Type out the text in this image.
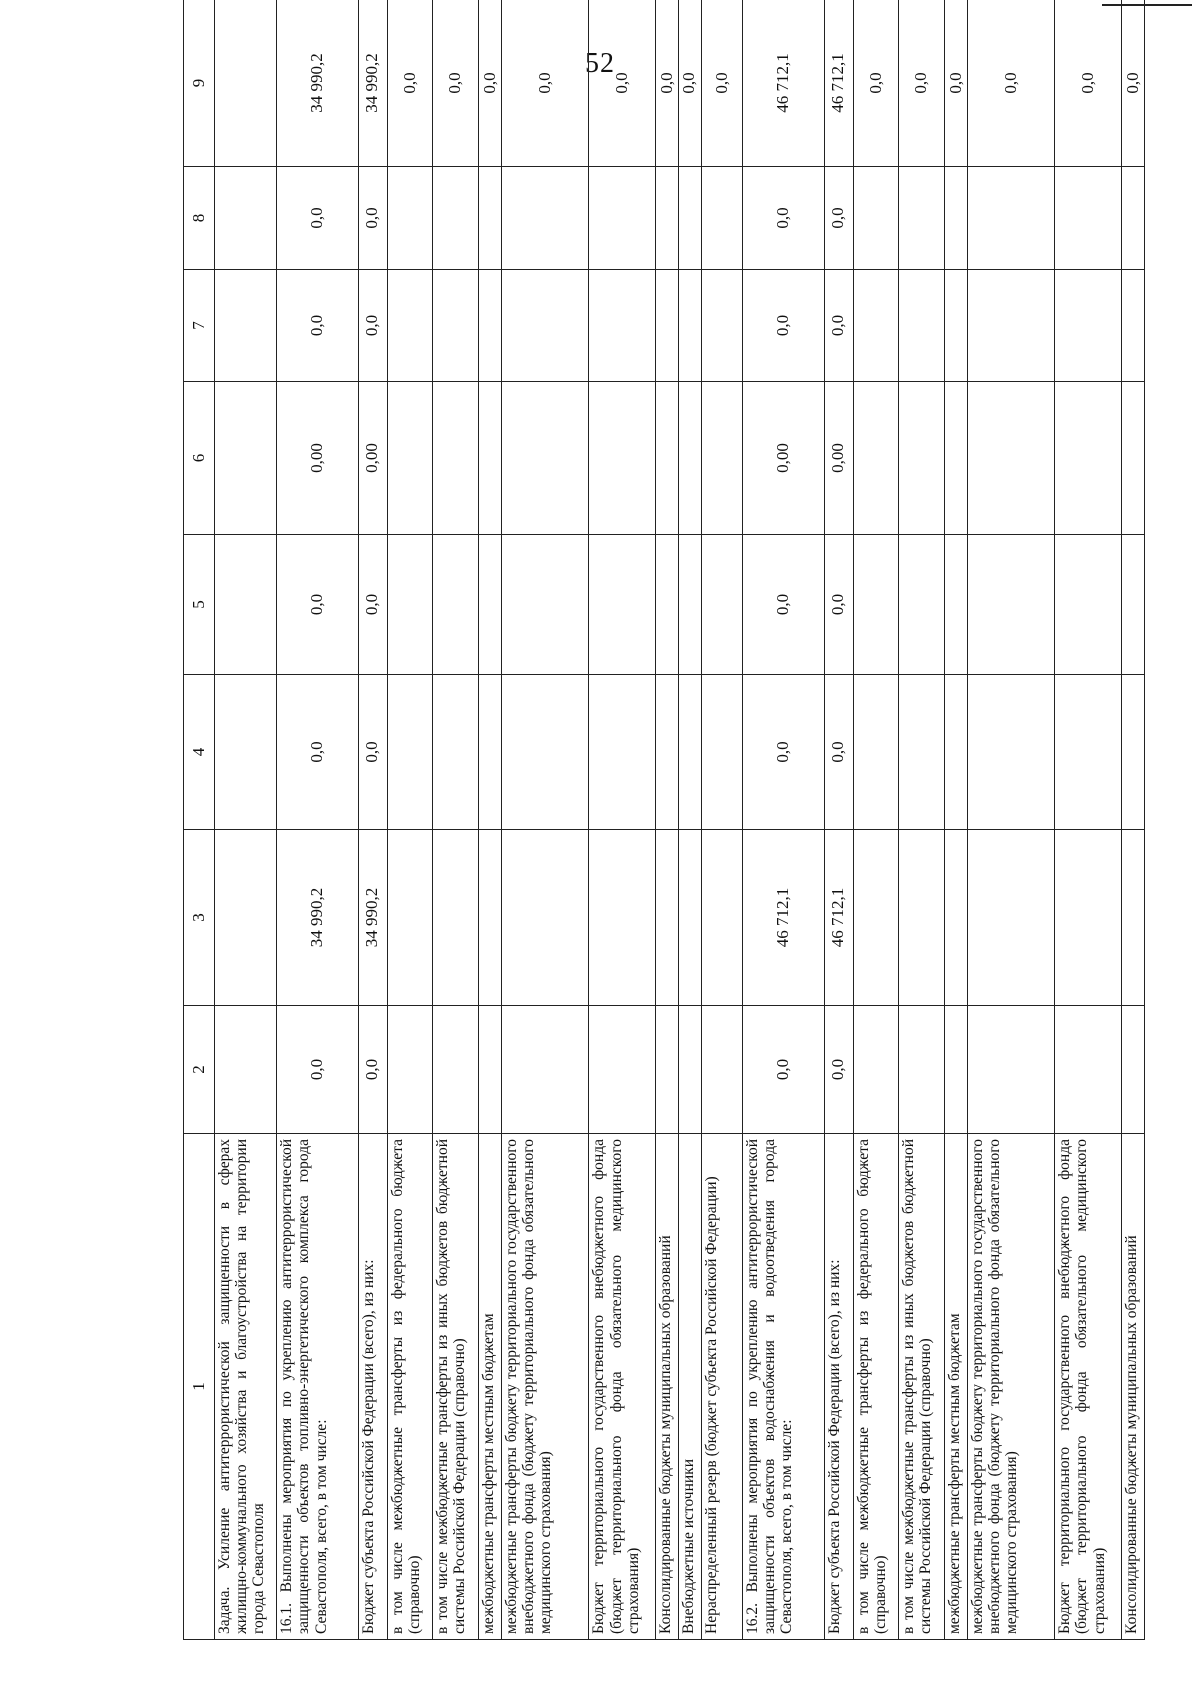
52
1	2	3	4	5	6	7	8	9
Задача. Усиление антитеррористической защищенности в сферах жилищно-коммунального хозяйства и благоустройства на территории города Севастополя								
16.1. Выполнены мероприятия по укреплению антитеррористической защищенности объектов топливно-энергетического комплекса города Севастополя, всего, в том числе:	0,0	34 990,2	0,0	0,0	0,00	0,0	0,0	34 990,2
Бюджет субъекта Российской Федерации (всего), из них:	0,0	34 990,2	0,0	0,0	0,00	0,0	0,0	34 990,2
в том числе межбюджетные трансферты из федерального бюджета (справочно)								0,0
в том числе межбюджетные трансферты из иных бюджетов бюджетной системы Российской Федерации (справочно)								0,0
межбюджетные трансферты местным бюджетам								0,0
межбюджетные трансферты бюджету территориального государственного внебюджетного фонда (бюджету территориального фонда обязательного медицинского страхования)								0,0
Бюджет территориального государственного внебюджетного фонда (бюджет территориального фонда обязательного медицинского страхования)								0,0
Консолидированные бюджеты муниципальных образований								0,0
Внебюджетные источники								0,0
Нераспределенный резерв (бюджет субъекта Российской Федерации)								0,0
16.2. Выполнены мероприятия по укреплению антитеррористической защищенности объектов водоснабжения и водоотведения города Севастополя, всего, в том числе:	0,0	46 712,1	0,0	0,0	0,00	0,0	0,0	46 712,1
Бюджет субъекта Российской Федерации (всего), из них:	0,0	46 712,1	0,0	0,0	0,00	0,0	0,0	46 712,1
в том числе межбюджетные трансферты из федерального бюджета (справочно)								0,0
в том числе межбюджетные трансферты из иных бюджетов бюджетной системы Российской Федерации (справочно)								0,0
межбюджетные трансферты местным бюджетам								0,0
межбюджетные трансферты бюджету территориального государственного внебюджетного фонда (бюджету территориального фонда обязательного медицинского страхования)								0,0
Бюджет территориального государственного внебюджетного фонда (бюджет территориального фонда обязательного медицинского страхования)								0,0
Консолидированные бюджеты муниципальных образований								0,0
